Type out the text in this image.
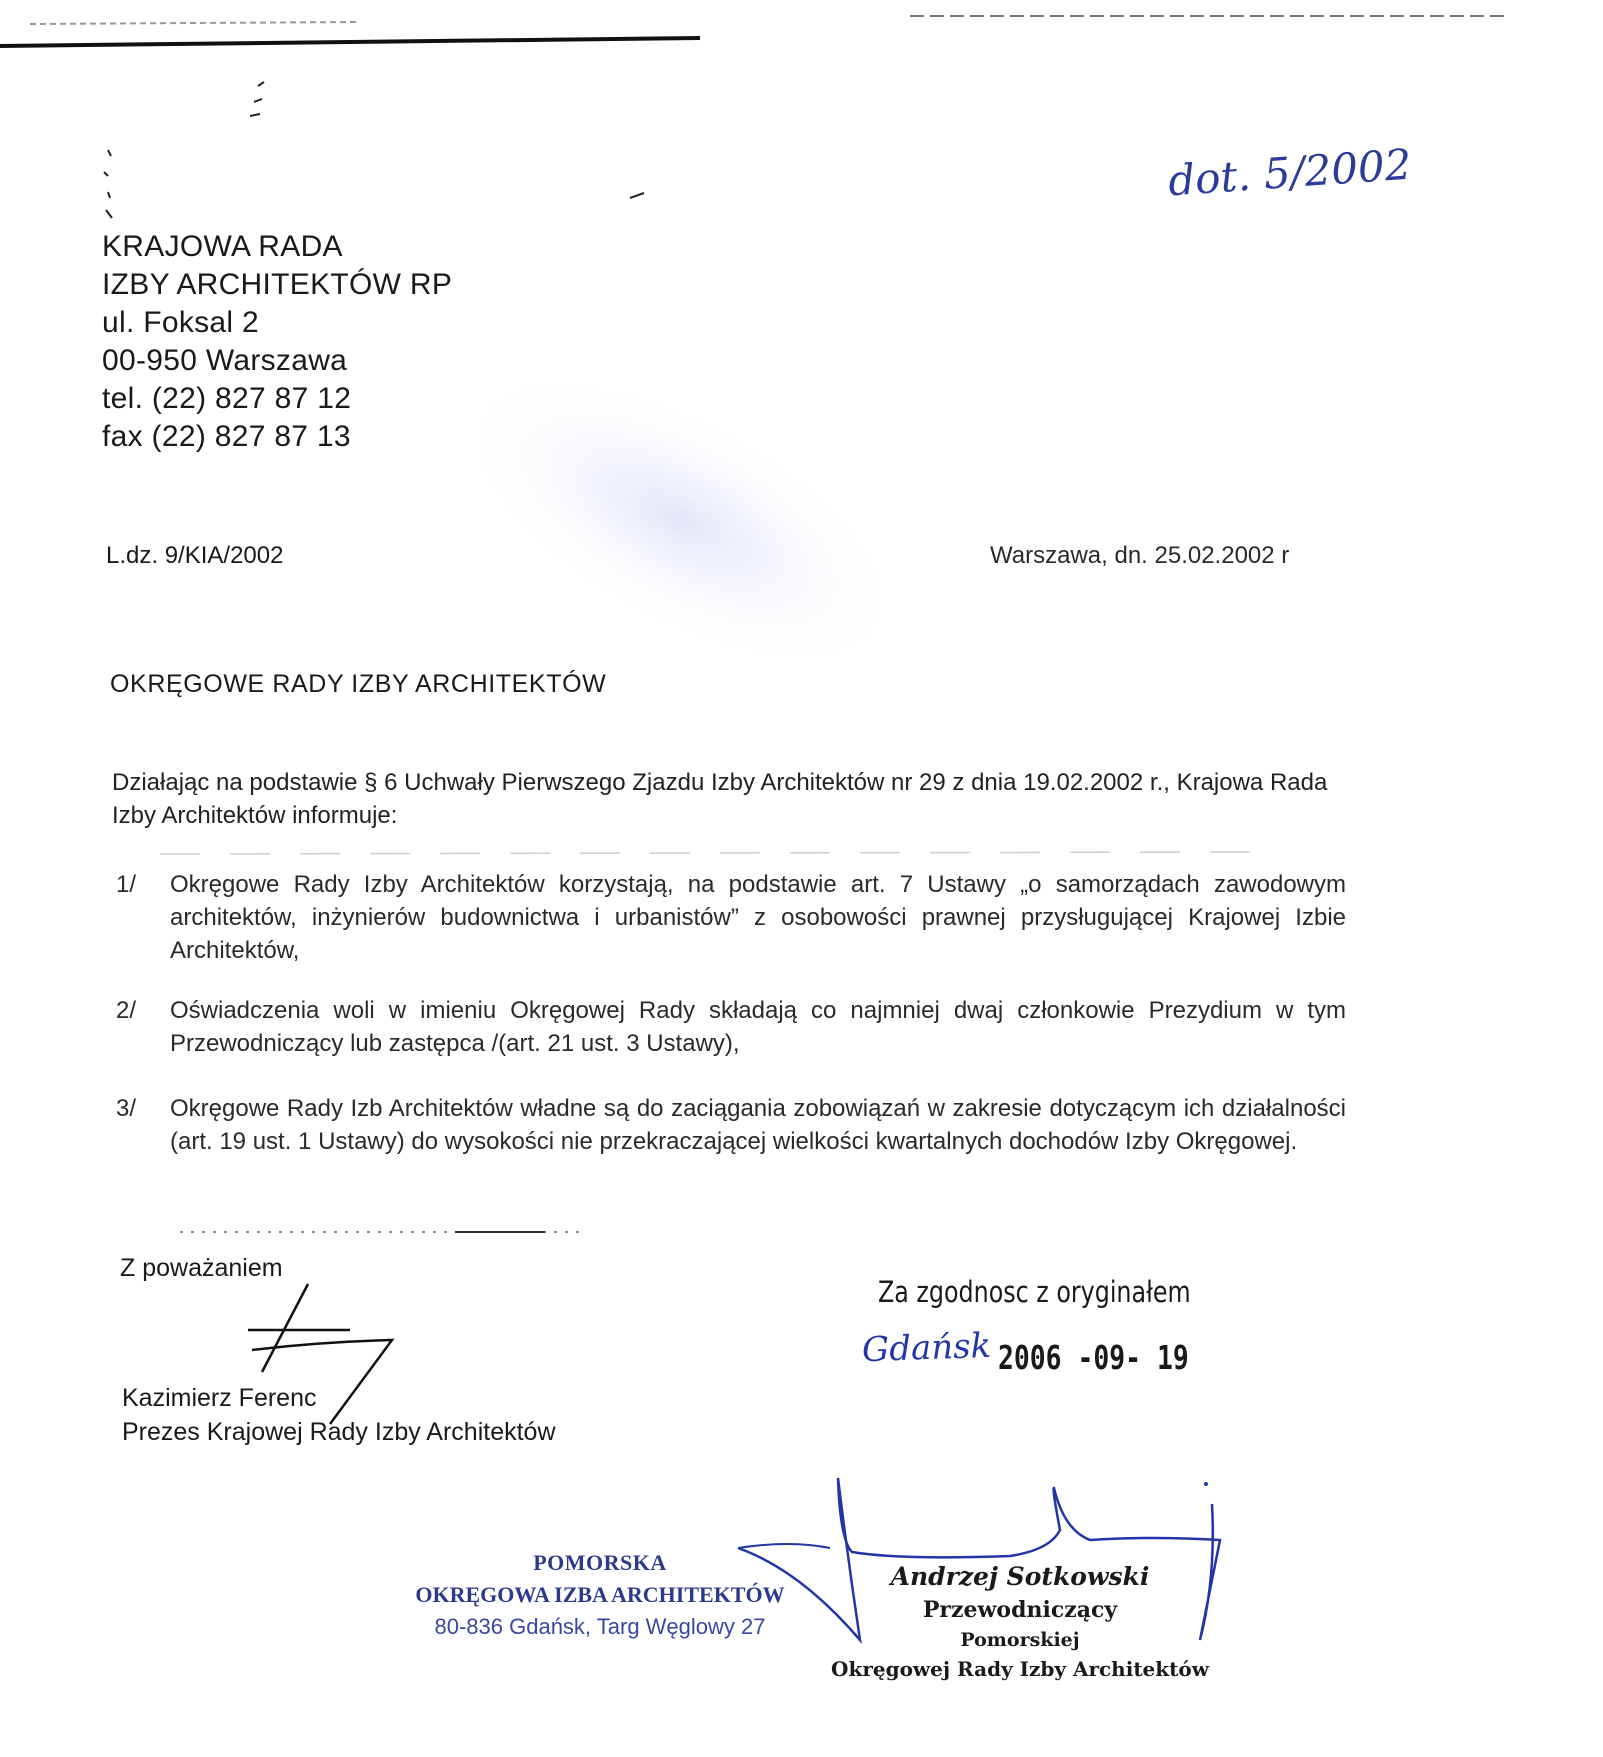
dot. 5/2002
KRAJOWA RADA
IZBY ARCHITEKTÓW RP
ul. Foksal 2
00-950 Warszawa
tel. (22) 827 87 12
fax (22) 827 87 13
L.dz. 9/KIA/2002	Warszawa, dn. 25.02.2002 r
OKRĘGOWE RADY IZBY ARCHITEKTÓW
Działając na podstawie § 6 Uchwały Pierwszego Zjazdu Izby Architektów nr 29 z dnia 19.02.2002 r., Krajowa Rada Izby Architektów informuje:
1/	Okręgowe Rady Izby Architektów korzystają, na podstawie art. 7 Ustawy „o samorządach zawodowym architektów, inżynierów budownictwa i urbanistów” z osobowości prawnej przysługującej Krajowej Izbie Architektów,
2/	Oświadczenia woli w imieniu Okręgowej Rady składają co najmniej dwaj członkowie Prezydium w tym Przewodniczący lub zastępca /(art. 21 ust. 3 Ustawy),
3/	Okręgowe Rady Izb Architektów władne są do zaciągania zobowiązań w zakresie dotyczącym ich działalności (art. 19 ust. 1 Ustawy) do wysokości nie przekraczającej wielkości kwartalnych dochodów Izby Okręgowej.
Z poważaniem
Kazimierz Ferenc
Prezes Krajowej Rady Izby Architektów
Za zgodnosc z oryginałem
Gdańsk 2006 -09- 19
POMORSKA
OKRĘGOWA IZBA ARCHITEKTÓW
80-836 Gdańsk, Targ Węglowy 27
Andrzej Sotkowski
Przewodniczący
Pomorskiej
Okręgowej Rady Izby Architektów
